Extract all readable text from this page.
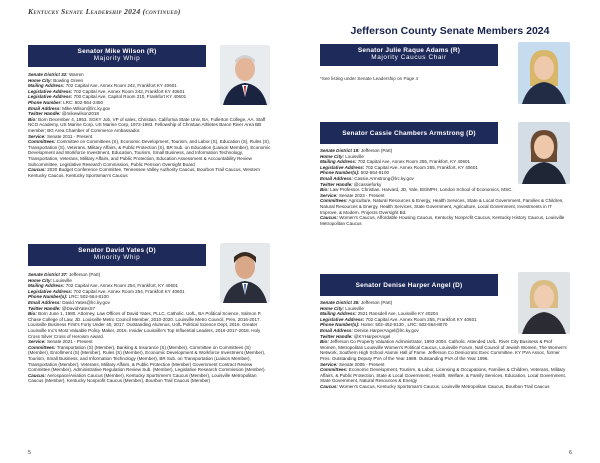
Kentucky Senate Leadership 2024 (continued)
Senator Mike Wilson (R)
Majority Whip

Senate District 32: Warren

Home City: Bowling Green

Mailing Address: 702 Capital Ave, Annex Room 242, Frankfort KY 40601

Legislative Address: 702 Capital Ave, Annex Room 242, Frankfort KY 40601

Legislative Address: 700 Capital Ave, Capitol Room 310, Frankfort KY 40601

Phone Number: LRC: 502-564-2450

Email Address: Mike.Wilson@lrc.ky.gov

Twitter Handle: @mikewilson2018

Bio: Born December 4, 1953. SGKY Job, VP of sales, Christian. California State Univ, BA, Fullerton College, AA. Staff NCO Academy, US Marine Corp, US Marine Corp, 1972-1983. Fellowship of Christian Athletes Baron River Area BB member; BG Area Chamber of Commerce Ambassador.

Service: Senate 2011 - Present

Committees: Committee on Committees (S), Economic Development, Tourism, and Labor (S), Education (S), Rules (S), Transportation (S), Veterans, Military Affairs, & Public Protection (S), BR Sub. on Education (Liaison Member), Economic Development and Workforce Investment, Education, Tourism, Small Business, and Information Technology, Transportation, Veterans, Military Affairs, and Public Protection, Education Assessment & Accountability Review Subcommittee, Legislative Research Commission, Public Pension Oversight Board

Caucus: 2020 Budget Conference Committee, Tennessee Valley Authority Caucus, Bourbon Trail Caucus, Western Kentucky Caucus, Kentucky Sportsman's Caucus

Senator David Yates (D)
Minority Whip

Senate District 37: Jefferson (Part)

Home City: Louisville

Mailing Address: 702 Capital Ave, Annex Room 254, Frankfort, KY 40601

Legislative Address: 702 Capital Ave. Annex Room 254, Frankfort KY 40601

Phone Number(s): LRC: 502-564-8100

Email Address: David.Yates@lrc.ky.gov

Twitter Handle: @DavidYatesS7

Bio: Born June 1, 1980. Attorney, Law Offices of David Yates, PLLC. Catholic. UofL, BA Political Science, Salmon P. Chase College of Law, JD. Louisville Metro Council Member, 2010-2020. Louisville Metro Council, Pres, 2016-2017. Louisville Business First's Forty Under 40, 2017. Outstanding Alumnus, UofL Political Science Dept, 2016. Greater Louisville Inc's Most Valuable Policy Maker, 2016. Insider Louisville's Top Influential Leaders, 2016-2017-2018. Holy Cross Silver Cross of Heroism Award.

Service: Senate 2021 - Present

Committees: Transportation (S) (Member), Banking & Insurance (S) (Member), Committee on Committees (S) (Member), Enrollment (S) (Member), Rules (S) (Member), Economic Development & Workforce Investment (Member), Tourism, Small Business, and Information Technology (Member), BR Sub. on Transportation (Liaison Member), Transportation (Member), Veterans, Military Affairs, & Public Protection (Member) Government Contract Review Committee (Member), Administrative Regulation Review Sub. (Member), Legislative Research Commission (Member).

Caucus: Aerospace/Aviation Caucus (Member), Kentucky Sportsmen's Caucus (Member), Louisville Metropolitan Caucus (Member), Kentucky Nonprofit Caucus (Member), Bourbon Trail Caucus (Member)

5
Jefferson County Senate Members 2024
Senator Julie Raque Adams (R)
Majority Caucus Chair
*See listing under Senate Leadership on Page 4
Senator Cassie Chambers Armstrong (D)

Senate District 19: Jefferson (Part)

Home City: Louisville

Mailing Address: 702 Capital Ave, Annex Room 255, Frankfort, KY 40601

Legislative Address: 702 Capital Ave. Annex Room 255, Frankfort, KY 40601

Phone Number(s): 502-564-8100

Email Address: Cassie.Armstrong@lrc.ky.gov

Twitter Handle: @cassieforky

Bio: Law Professor. Christian. Harvard, JD, Yale, BS/MPH, London School of Economics, MSC.

Service: Senate 2023 - Present

Committees: Agriculture, Natural Resources & Energy, Health Services, State & Local Government, Families & Children, Natural Resources & Energy, Health Services, State Government, Agriculture, Local Government, Investments in IT Improve. & Modern. Projects Oversight Bd.

Caucus: Women's Caucus, Affordable Housing Caucus, Kentucky Nonprofit Caucus, Kentucky History Caucus, Louisville Metropolitan Caucus

Senator Denise Harper Angel (D)

Senate District 35: Jefferson (Part)

Home City: Louisville

Mailing Address: 2521 Ransdell Ave, Louisville KY 40204

Legislative Address: 702 Capital Ave. Annex Room 255, Frankfort KY 40601

Phone Number(s): Home: 502-452-9130 , LRC: 502-564-8070

Email Address: Denise.HarperAngel@lrc.ky.gov

Twitter Handle: @KYHarperAngel

Bio: Jefferson Co Property Valuation Administrator, 1993-2004. Catholic. Attended UofL. River City Business & Prof Women, Metropolitan Louisville Women's Political Caucus, Louisville Forum, Natl Council of Jewish Women, The Women's Network, Southern High School Alumni Hall of Fame. Jefferson Co Democratic Exec Committee. KY PVA Assoc, former Pres. Outstanding Deputy PVA of the Year 1989. Outstanding PVA of the Year 1996.

Service: Senate 2005 - Present

Committees: Economic Development, Tourism, & Labor, Licensing & Occupations, Families & Children, Veterans, Military Affairs, & Public Protection, State & Local Government, Health, Welfare, & Family Services, Education, Local Government, State Government, Natural Resources & Energy

Caucus: Women's Caucus, Kentucky Sportsman's Caucus, Louisville Metropolitan Caucus, Bourbon Trail Caucus

6
